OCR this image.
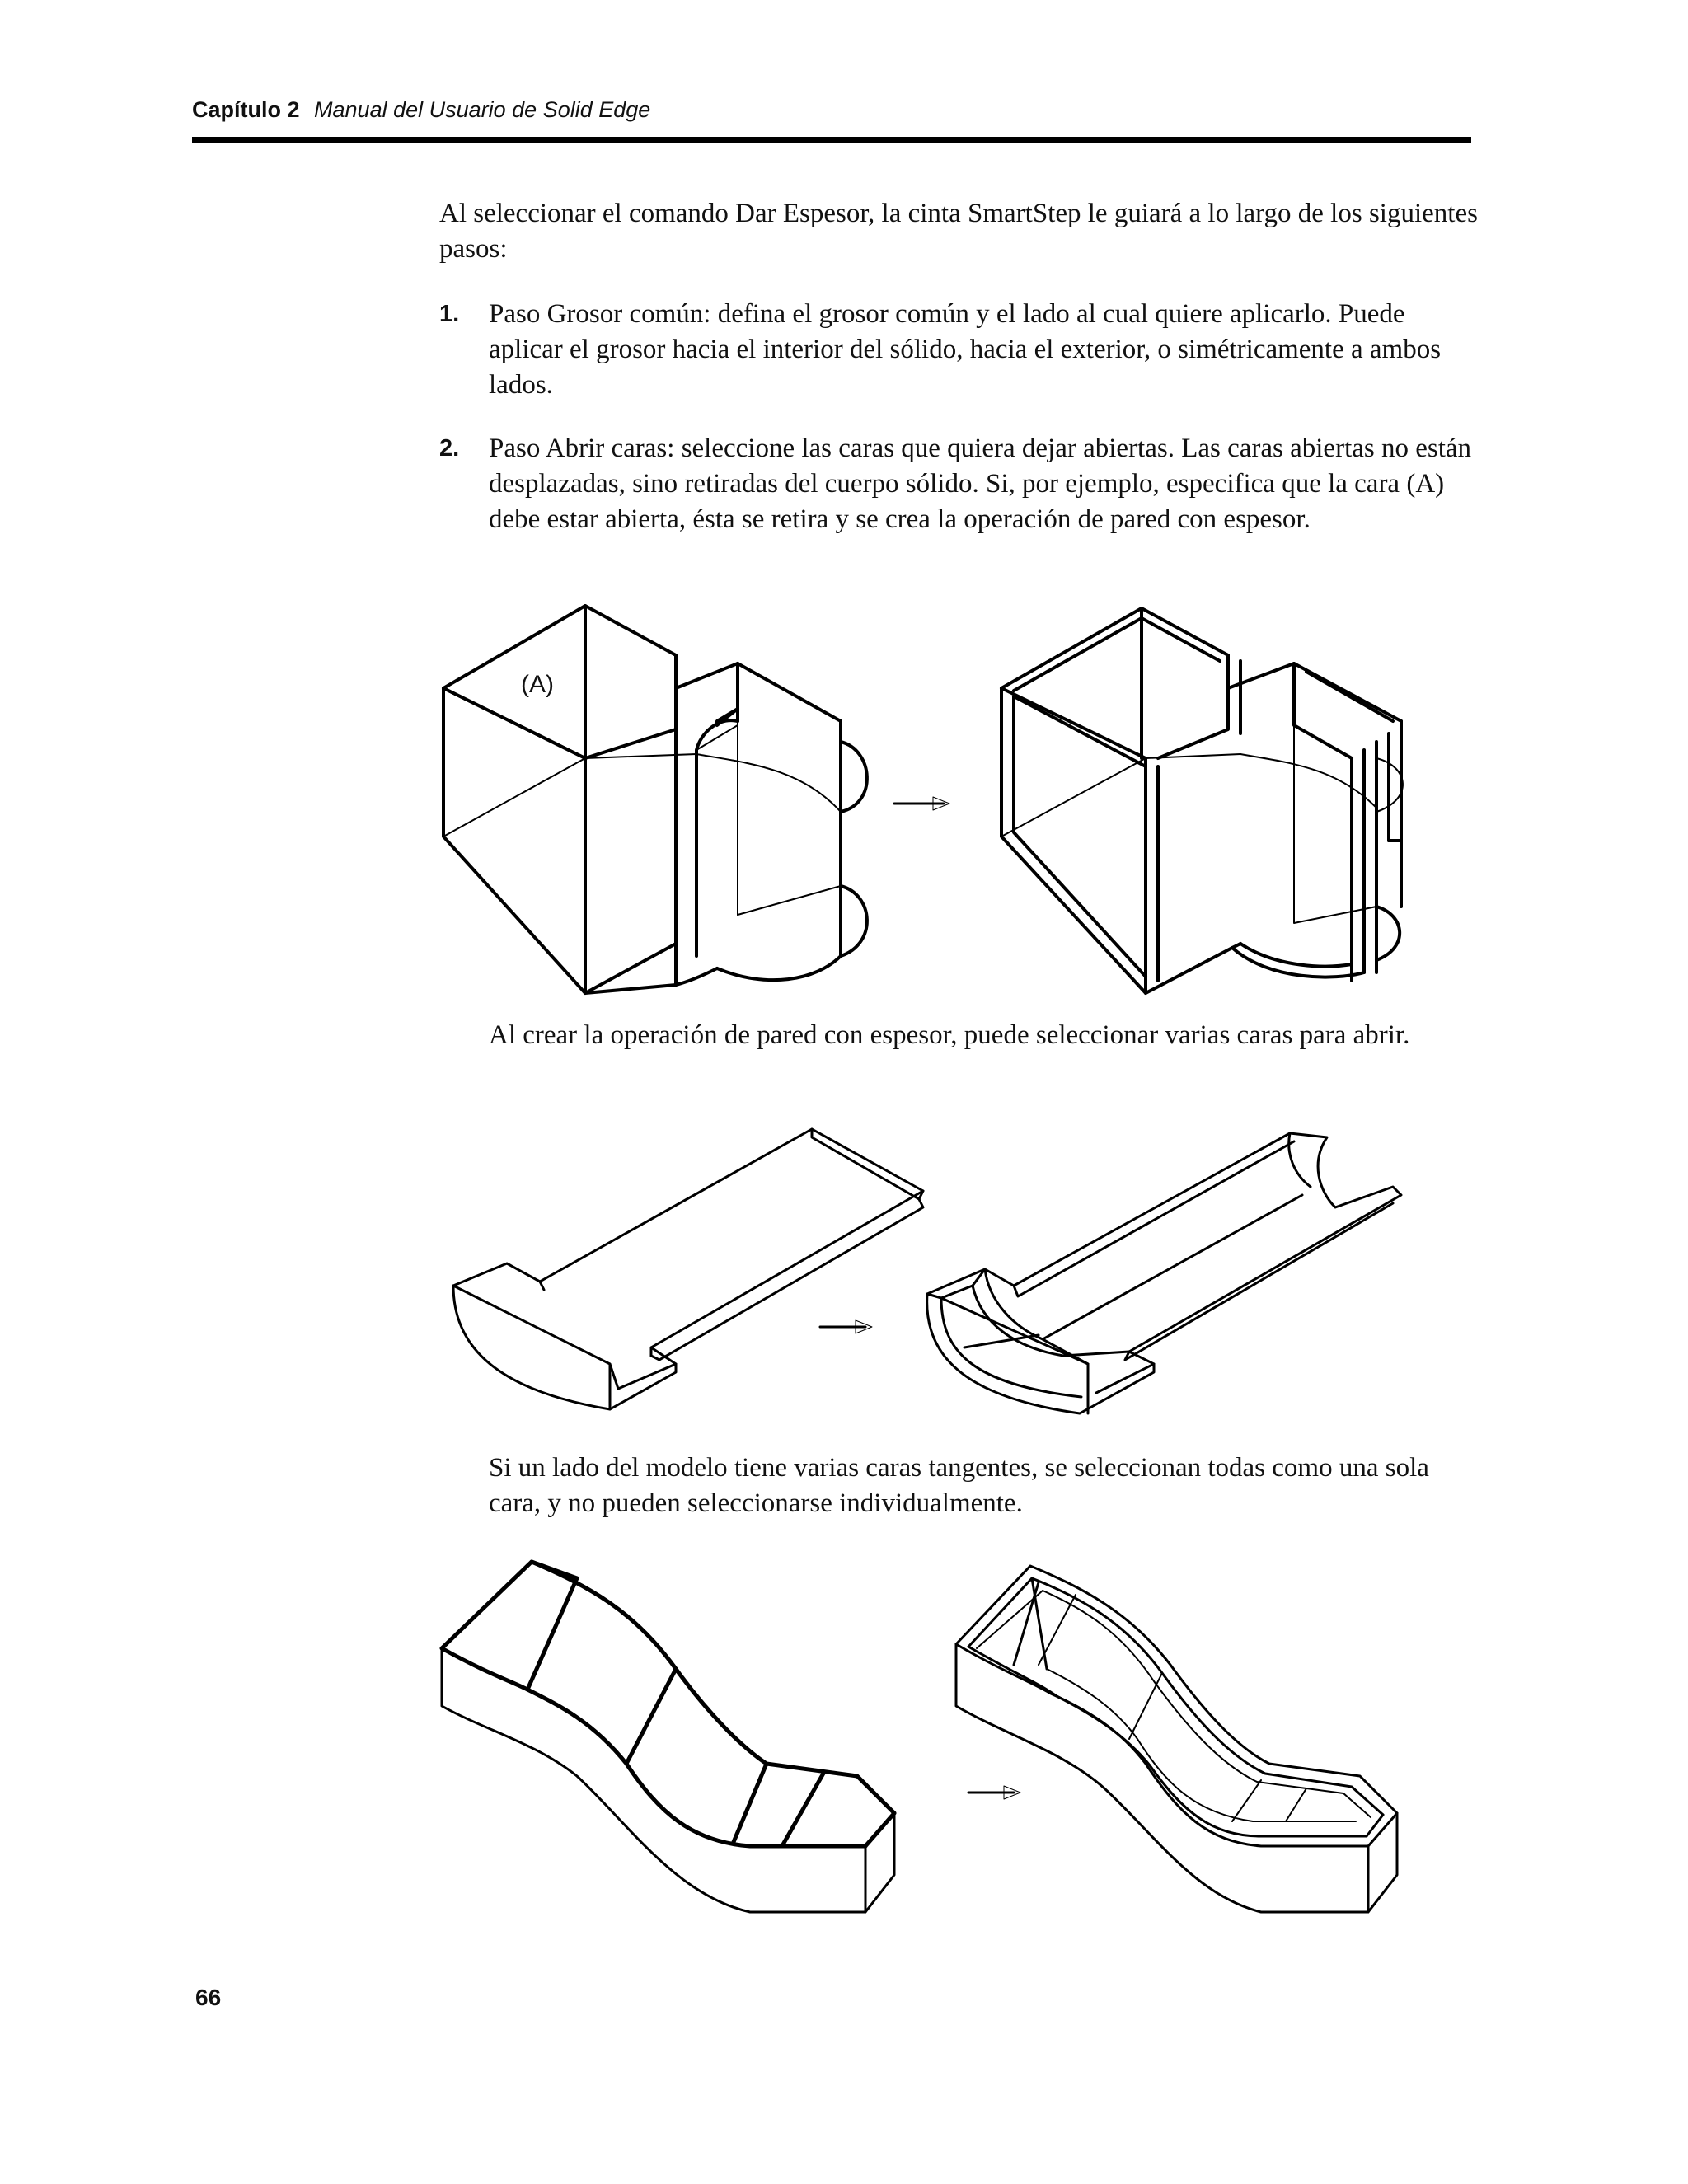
Capítulo 2 Manual del Usuario de Solid Edge
Al seleccionar el comando Dar Espesor, la cinta SmartStep le guiará a lo largo de los siguientes pasos:
1. Paso Grosor común: defina el grosor común y el lado al cual quiere aplicarlo. Puede aplicar el grosor hacia el interior del sólido, hacia el exterior, o simétricamente a ambos lados.
2. Paso Abrir caras: seleccione las caras que quiera dejar abiertas. Las caras abiertas no están desplazadas, sino retiradas del cuerpo sólido. Si, por ejemplo, especifica que la cara (A) debe estar abierta, ésta se retira y se crea la operación de pared con espesor.
(A)
Al crear la operación de pared con espesor, puede seleccionar varias caras para abrir.
Si un lado del modelo tiene varias caras tangentes, se seleccionan todas como una sola cara, y no pueden seleccionarse individualmente.
66
